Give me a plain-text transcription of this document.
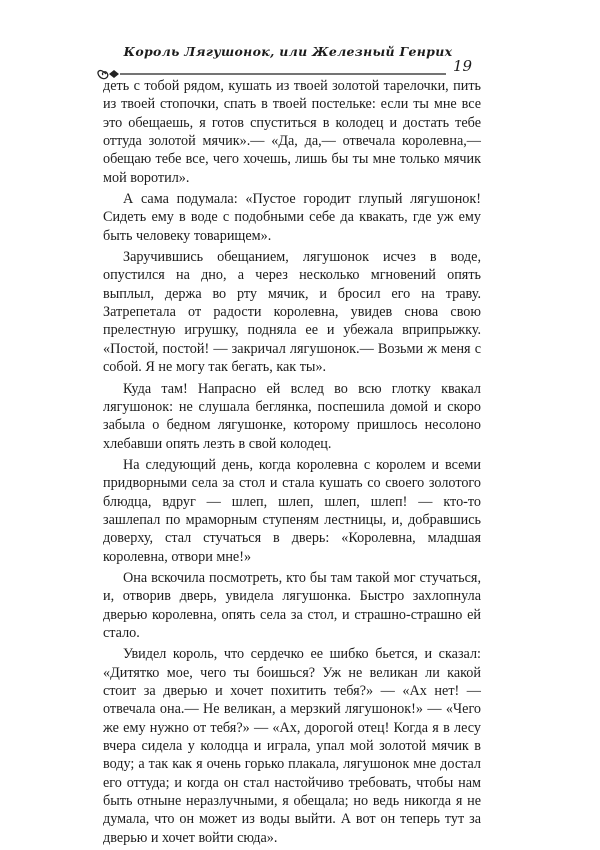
Король Лягушонок, или Железный Генрих
19

деть с тобой рядом, кушать из твоей золотой тарелочки, пить из твоей стопочки, спать в твоей постельке: если ты мне все это обещаешь, я готов спуститься в колодец и достать тебе оттуда золотой мячик».— «Да, да,— отвечала королевна,— обещаю тебе все, чего хочешь, лишь бы ты мне только мячик мой воротил».

А сама подумала: «Пустое городит глупый лягушонок! Сидеть ему в воде с подобными себе да квакать, где уж ему быть человеку товарищем».

Заручившись обещанием, лягушонок исчез в воде, опустился на дно, а через несколько мгновений опять выплыл, держа во рту мячик, и бросил его на траву. Затрепетала от радости королевна, увидев снова свою прелестную игрушку, подняла ее и убежала вприпрыжку. «Постой, постой! — закричал лягушонок.— Возьми ж меня с собой. Я не могу так бегать, как ты».

Куда там! Напрасно ей вслед во всю глотку квакал лягушонок: не слушала беглянка, поспешила домой и скоро забыла о бедном лягушонке, которому пришлось несолоно хлебавши опять лезть в свой колодец.

На следующий день, когда королевна с королем и всеми придворными села за стол и стала кушать со своего золотого блюдца, вдруг — шлеп, шлеп, шлеп, шлеп! — кто-то зашлепал по мраморным ступеням лестницы, и, добравшись доверху, стал стучаться в дверь: «Королевна, младшая королевна, отвори мне!»

Она вскочила посмотреть, кто бы там такой мог стучаться, и, отворив дверь, увидела лягушонка. Быстро захлопнула дверью королевна, опять села за стол, и страшно-страшно ей стало.

Увидел король, что сердечко ее шибко бьется, и сказал: «Дитятко мое, чего ты боишься? Уж не великан ли какой стоит за дверью и хочет похитить тебя?» — «Ах нет! — отвечала она.— Не великан, а мерзкий лягушонок!» — «Чего же ему нужно от тебя?» — «Ах, дорогой отец! Когда я в лесу вчера сидела у колодца и играла, упал мой золотой мячик в воду; а так как я очень горько плакала, лягушонок мне достал его оттуда; и когда он стал настойчиво требовать, чтобы нам быть отныне неразлучными, я обещала; но ведь никогда я не думала, что он может из воды выйти. А вот он теперь тут за дверью и хочет войти сюда».
